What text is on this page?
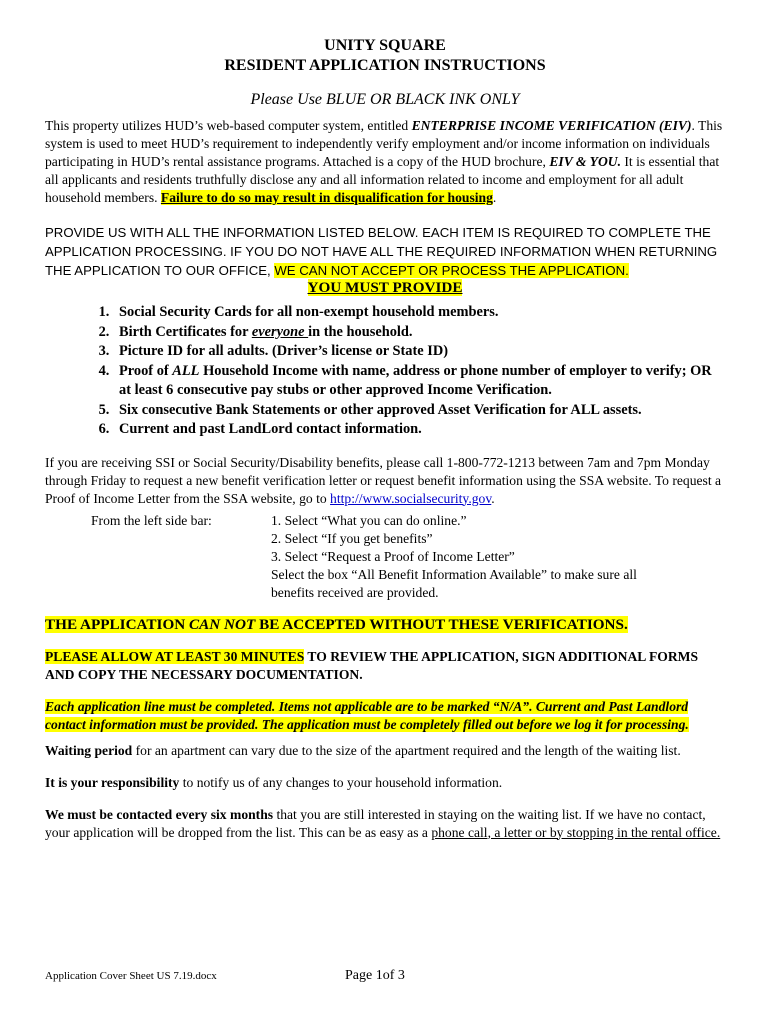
UNITY SQUARE
RESIDENT APPLICATION INSTRUCTIONS
Please Use BLUE OR BLACK INK ONLY

This property utilizes HUD’s web-based computer system, entitled ENTERPRISE INCOME VERIFICATION (EIV). This system is used to meet HUD’s requirement to independently verify employment and/or income information on individuals participating in HUD’s rental assistance programs. Attached is a copy of the HUD brochure, EIV & YOU. It is essential that all applicants and residents truthfully disclose any and all information related to income and employment for all adult household members. Failure to do so may result in disqualification for housing.

PROVIDE US WITH ALL THE INFORMATION LISTED BELOW. EACH ITEM IS REQUIRED TO COMPLETE THE APPLICATION PROCESSING. IF YOU DO NOT HAVE ALL THE REQUIRED INFORMATION WHEN RETURNING THE APPLICATION TO OUR OFFICE, WE CAN NOT ACCEPT OR PROCESS THE APPLICATION.

YOU MUST PROVIDE
1. Social Security Cards for all non-exempt household members.
2. Birth Certificates for everyone in the household.
3. Picture ID for all adults. (Driver’s license or State ID)
4. Proof of ALL Household Income with name, address or phone number of employer to verify; OR at least 6 consecutive pay stubs or other approved Income Verification.
5. Six consecutive Bank Statements or other approved Asset Verification for ALL assets.
6. Current and past LandLord contact information.

If you are receiving SSI or Social Security/Disability benefits, please call 1-800-772-1213 between 7am and 7pm Monday through Friday to request a new benefit verification letter or request benefit information using the SSA website. To request a Proof of Income Letter from the SSA website, go to http://www.socialsecurity.gov.

From the left side bar:	1. Select “What you can do online.”
2. Select “If you get benefits”
3. Select “Request a Proof of Income Letter”
Select the box “All Benefit Information Available” to make sure all
benefits received are provided.
THE APPLICATION CAN NOT BE ACCEPTED WITHOUT THESE VERIFICATIONS.

PLEASE ALLOW AT LEAST 30 MINUTES TO REVIEW THE APPLICATION, SIGN ADDITIONAL FORMS AND COPY THE NECESSARY DOCUMENTATION.

Each application line must be completed. Items not applicable are to be marked “N/A”. Current and Past Landlord contact information must be provided. The application must be completely filled out before we log it for processing.

Waiting period for an apartment can vary due to the size of the apartment required and the length of the waiting list.

It is your responsibility to notify us of any changes to your household information.

We must be contacted every six months that you are still interested in staying on the waiting list. If we have no contact, your application will be dropped from the list. This can be as easy as a phone call, a letter or by stopping in the rental office.

Application Cover Sheet US 7.19.docx	Page 1of 3
